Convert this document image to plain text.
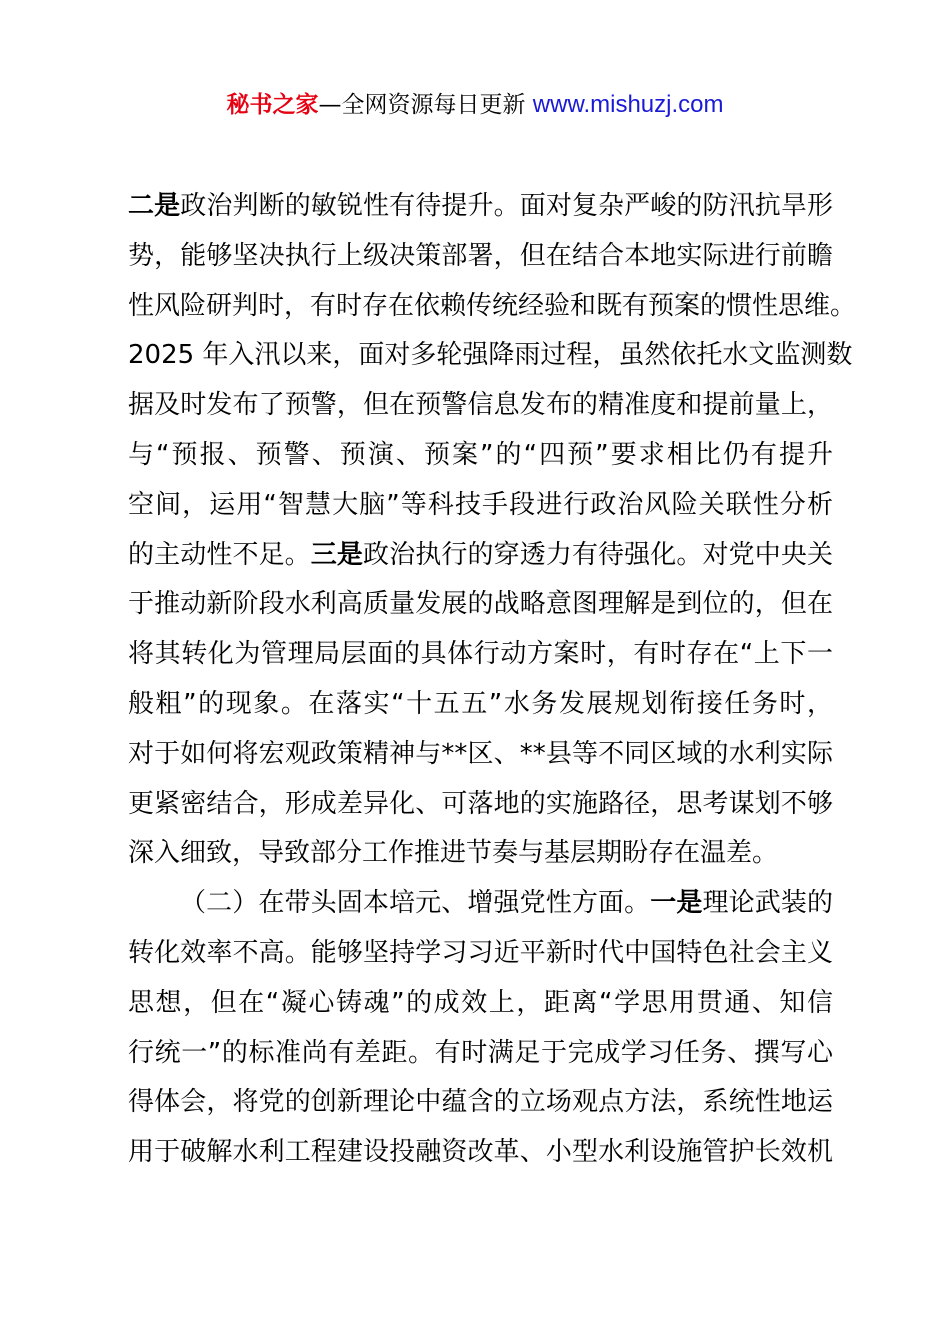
秘书之家—全网资源每日更新 www.mishuzj.com
二是政治判断的敏锐性有待提升。面对复杂严峻的防汛抗旱形
势，能够坚决执行上级决策部署，但在结合本地实际进行前瞻
性风险研判时，有时存在依赖传统经验和既有预案的惯性思维。
2025 年入汛以来，面对多轮强降雨过程，虽然依托水文监测数
据及时发布了预警，但在预警信息发布的精准度和提前量上，
与“预报、预警、预演、预案”的“四预”要求相比仍有提升
空间，运用“智慧大脑”等科技手段进行政治风险关联性分析
的主动性不足。三是政治执行的穿透力有待强化。对党中央关
于推动新阶段水利高质量发展的战略意图理解是到位的，但在
将其转化为管理局层面的具体行动方案时，有时存在“上下一
般粗”的现象。在落实“十五五”水务发展规划衔接任务时，
对于如何将宏观政策精神与**区、**县等不同区域的水利实际
更紧密结合，形成差异化、可落地的实施路径，思考谋划不够
深入细致，导致部分工作推进节奏与基层期盼存在温差。
（二）在带头固本培元、增强党性方面。一是理论武装的
转化效率不高。能够坚持学习习近平新时代中国特色社会主义
思想，但在“凝心铸魂”的成效上，距离“学思用贯通、知信
行统一”的标准尚有差距。有时满足于完成学习任务、撰写心
得体会，将党的创新理论中蕴含的立场观点方法，系统性地运
用于破解水利工程建设投融资改革、小型水利设施管护长效机
